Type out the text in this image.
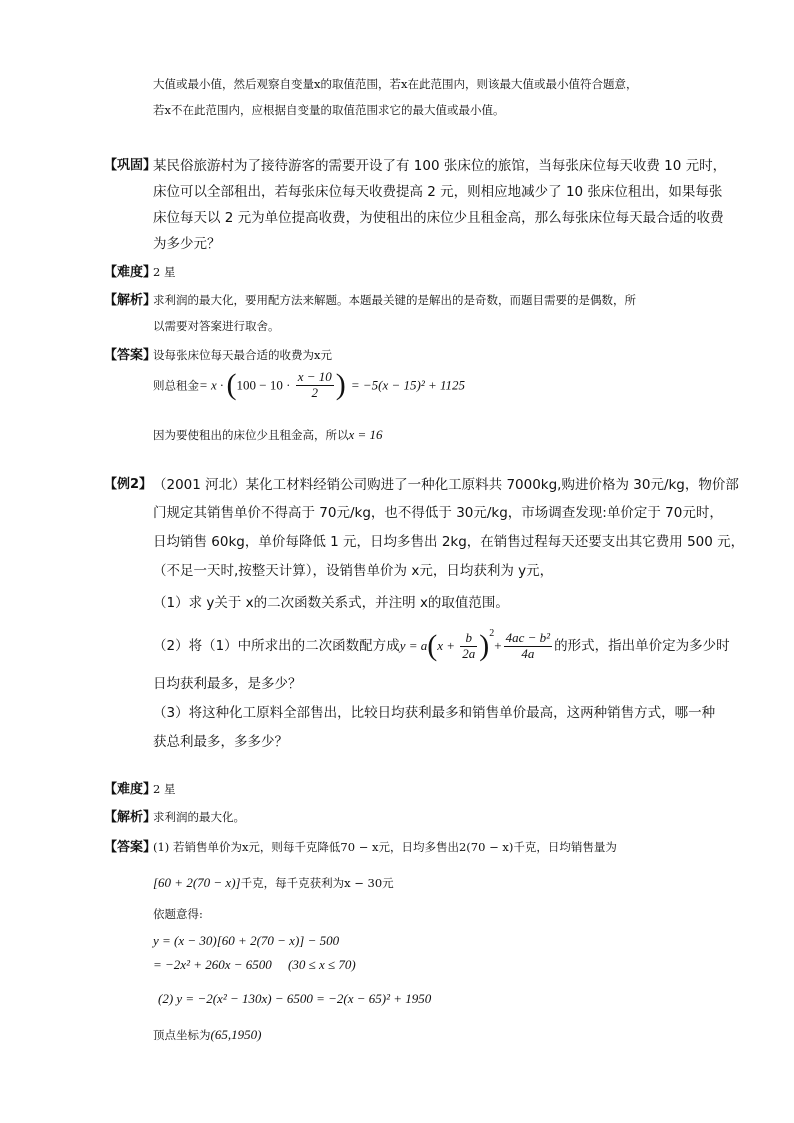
大值或最小值，然后观察自变量x的取值范围，若x在此范围内，则该最大值或最小值符合题意，
若x不在此范围内，应根据自变量的取值范围求它的最大值或最小值。
【巩固】
某民俗旅游村为了接待游客的需要开设了有 100 张床位的旅馆，当每张床位每天收费 10 元时，
床位可以全部租出，若每张床位每天收费提高 2 元，则相应地减少了 10 张床位租出，如果每张
床位每天以 2 元为单位提高收费，为使租出的床位少且租金高，那么每张床位每天最合适的收费
为多少元？
【难度】
2 星
【解析】
求利润的最大化，要用配方法来解题。本题最关键的是解出的是奇数，而题目需要的是偶数，所
以需要对答案进行取舍。
【答案】
设每张床位每天最合适的收费为x元
则总租金= $x \cdot (100 - 10 \cdot \frac{x - 10}{2}$ ) = −5(x − 15)² + 1125
因为要使租出的床位少且租金高，所以x = 16
【例2】 （2001 河北）某化工材料经销公司购进了一种化工原料共 7000kg,购进价格为 30元/kg，物价部
门规定其销售单价不得高于 70元/kg，也不得低于 30元/kg，市场调查发现:单价定于 70元时，
日均销售 60kg，单价每降低 1 元，日均多售出 2kg，在销售过程每天还要支出其它费用 500 元，
（不足一天时,按整天计算），设销售单价为 x元，日均获利为 y元，
（1）求 y关于 x的二次函数关系式，并注明 x的取值范围。
（2）将（1）中所求出的二次函数配方成$y = a(x + \frac{b}{2a} )^2+ \frac{\text{4ac − b²}}{4a}$ 的形式，指出单价定为多少时
日均获利最多，是多少？
（3）将这种化工原料全部售出，比较日均获利最多和销售单价最高，这两种销售方式，哪一种
获总利最多，多多少？
【难度】
2 星
【解析】
求利润的最大化。
【答案】
(1) 若销售单价为x元，则每千克降低70 − x元，日均多售出2(70 − x)千克，日均销售量为
[60 + 2(70 − x)]千克，每千克获利为x − 30元
依题意得:
y = (x − 30)[60 + 2(70 − x)] − 500
= −2x² + 260x − 6500　 (30 ≤ x ≤ 70)
(2) y = −2(x² − 130x) − 6500 = −2(x − 65)² + 1950
顶点坐标为(65,1950)
